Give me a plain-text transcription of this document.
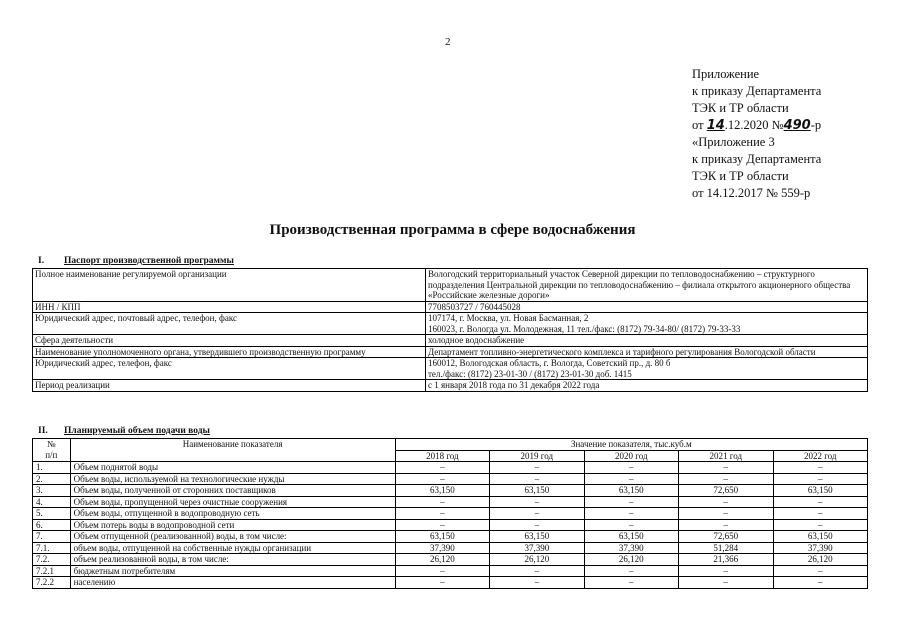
2
Приложение
к приказу Департамента
ТЭК и ТР области
от 14.12.2020 №490-р
«Приложение 3
к приказу Департамента
ТЭК и ТР области
от 14.12.2017 № 559-р
Производственная программа в сфере водоснабжения
I. Паспорт производственной программы
Полное наименование регулируемой организации	Вологодский территориальный участок Северной дирекции по тепловодоснабжению – структурного подразделения Центральной дирекции по тепловодоснабжению – филиала открытого акционерного общества «Российские железные дороги»
ИНН / КПП	7708503727 / 760445028
Юридический адрес, почтовый адрес, телефон, факс	107174, г. Москва, ул. Новая Басманная, 2
160023, г. Вологда ул. Молодежная, 11 тел./факс: (8172) 79-34-80/ (8172) 79-33-33
Сфера деятельности	холодное водоснабжение
Наименование уполномоченного органа, утвердившего производственную программу	Департамент топливно-энергетического комплекса и тарифного регулирования Вологодской области
Юридический адрес, телефон, факс	160012, Вологодская область, г. Вологда, Советский пр., д. 80 б
тел./факс: (8172) 23-01-30 / (8172) 23-01-30 доб. 1415
Период реализации	с 1 января 2018 года по 31 декабря 2022 года
II. Планируемый объем подачи воды
№
п/п	Наименование показателя	Значение показателя, тыс.куб.м				
		2018 год	2019 год	2020 год	2021 год	2022 год
1.	Объем поднятой воды	–	–	–	–	–
2.	Объем воды, используемой на технологические нужды	–	–	–	–	–
3.	Объем воды, полученной от сторонних поставщиков	63,150	63,150	63,150	72,650	63,150
4.	Объем воды, пропущенной через очистные сооружения	–	–	–	–	–
5.	Объем воды, отпущенной в водопроводную сеть	–	–	–	–	–
6.	Объем потерь воды в водопроводной сети	–	–	–	–	–
7.	Объем отпущенной (реализованной) воды, в том числе:	63,150	63,150	63,150	72,650	63,150
7.1.	объем воды, отпущенной на собственные нужды организации	37,390	37,390	37,390	51,284	37,390
7.2.	объем реализованной воды, в том числе:	26,120	26,120	26,120	21,366	26,120
7.2.1	бюджетным потребителям	–	–	–	–	–
7.2.2	населению	–	–	–	–	–
